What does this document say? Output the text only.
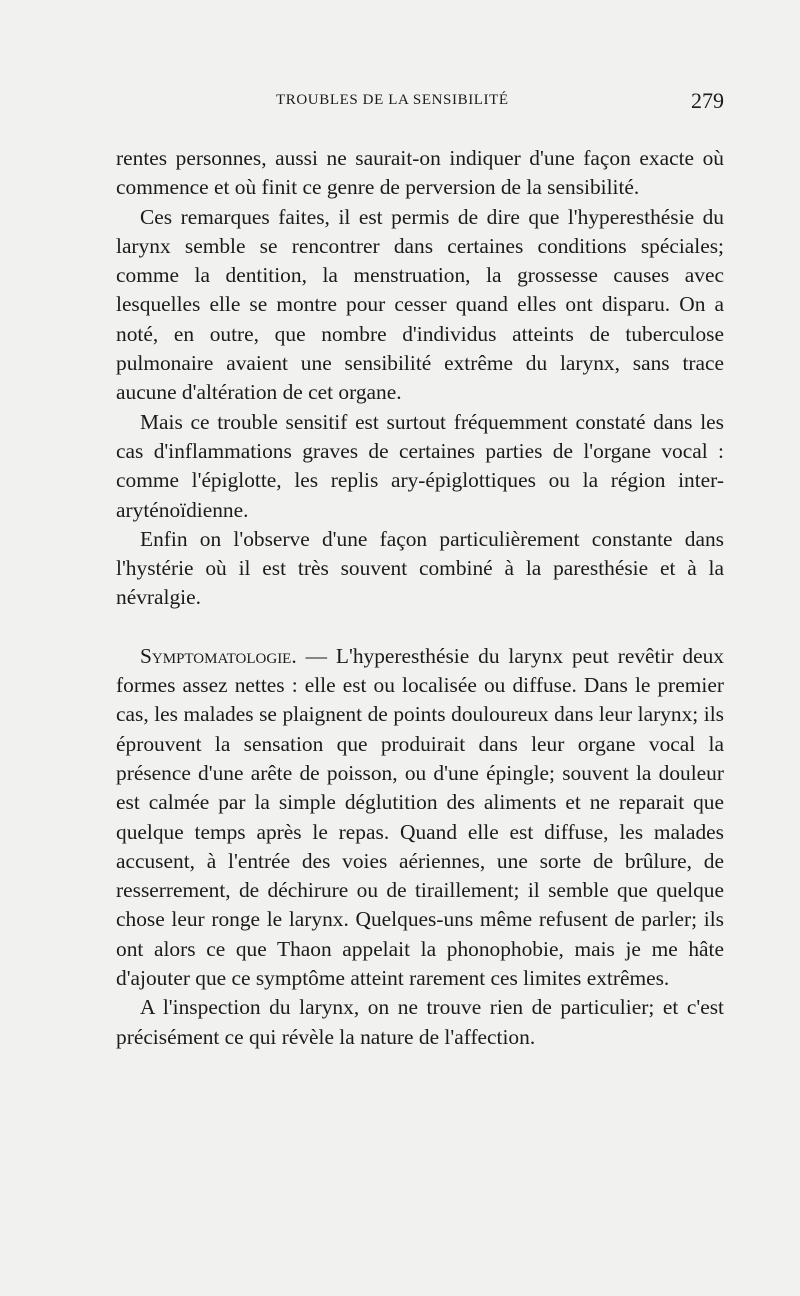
TROUBLES DE LA SENSIBILITÉ	279

rentes personnes, aussi ne saurait-on indiquer d'une façon exacte où commence et où finit ce genre de perversion de la sensibilité.

Ces remarques faites, il est permis de dire que l'hyperesthésie du larynx semble se rencontrer dans certaines conditions spéciales; comme la dentition, la menstruation, la grossesse causes avec lesquelles elle se montre pour cesser quand elles ont disparu. On a noté, en outre, que nombre d'individus atteints de tuberculose pulmonaire avaient une sensibilité extrême du larynx, sans trace aucune d'altération de cet organe.

Mais ce trouble sensitif est surtout fréquemment constaté dans les cas d'inflammations graves de certaines parties de l'organe vocal : comme l'épiglotte, les replis ary-épiglottiques ou la région inter-aryténoïdienne.

Enfin on l'observe d'une façon particulièrement constante dans l'hystérie où il est très souvent combiné à la paresthésie et à la névralgie.

Symptomatologie. — L'hyperesthésie du larynx peut revêtir deux formes assez nettes : elle est ou localisée ou diffuse. Dans le premier cas, les malades se plaignent de points douloureux dans leur larynx; ils éprouvent la sensation que produirait dans leur organe vocal la présence d'une arête de poisson, ou d'une épingle; souvent la douleur est calmée par la simple déglutition des aliments et ne reparait que quelque temps après le repas. Quand elle est diffuse, les malades accusent, à l'entrée des voies aériennes, une sorte de brûlure, de resserrement, de déchirure ou de tiraillement; il semble que quelque chose leur ronge le larynx. Quelques-uns même refusent de parler; ils ont alors ce que Thaon appelait la phonophobie, mais je me hâte d'ajouter que ce symptôme atteint rarement ces limites extrêmes.

A l'inspection du larynx, on ne trouve rien de particulier; et c'est précisément ce qui révèle la nature de l'affection.
